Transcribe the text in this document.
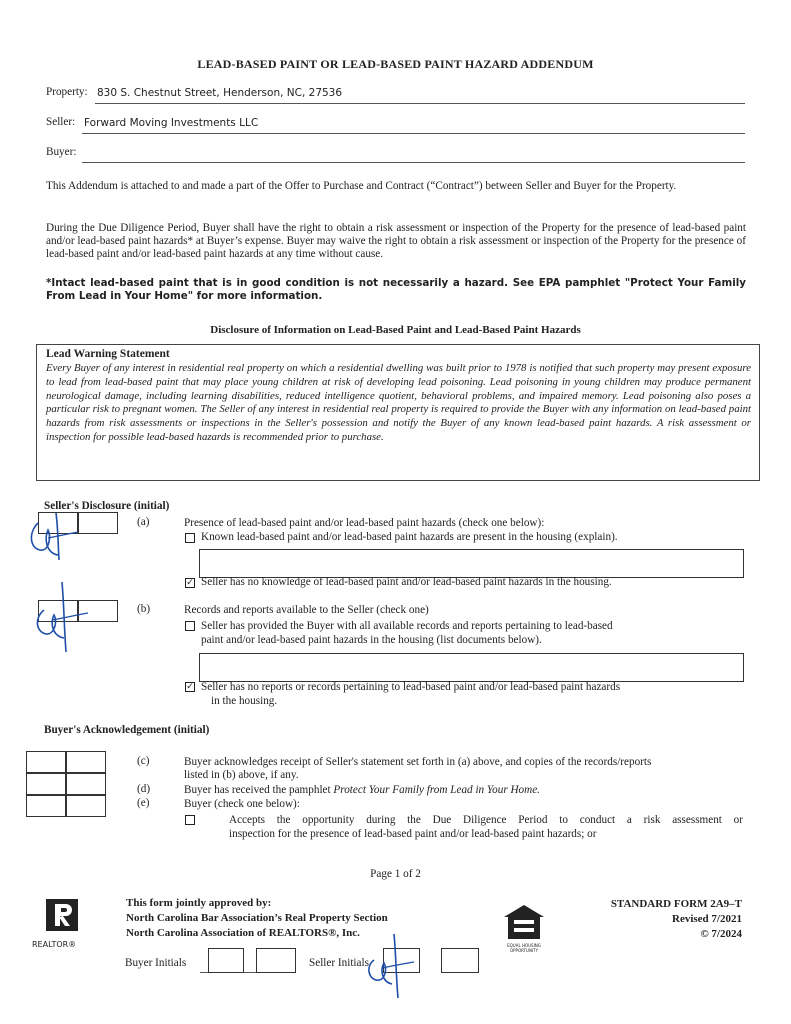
LEAD-BASED PAINT OR LEAD-BASED PAINT HAZARD ADDENDUM
Property: 830 S. Chestnut Street, Henderson, NC, 27536
Seller: Forward Moving Investments LLC
Buyer:
This Addendum is attached to and made a part of the Offer to Purchase and Contract (“Contract”) between Seller and Buyer for the Property.
During the Due Diligence Period, Buyer shall have the right to obtain a risk assessment or inspection of the Property for the presence of lead-based paint and/or lead-based paint hazards* at Buyer’s expense. Buyer may waive the right to obtain a risk assessment or inspection of the Property for the presence of lead-based paint and/or lead-based paint hazards at any time without cause.
*Intact lead-based paint that is in good condition is not necessarily a hazard. See EPA pamphlet "Protect Your Family From Lead in Your Home" for more information.
Disclosure of Information on Lead-Based Paint and Lead-Based Paint Hazards
Lead Warning Statement
Every Buyer of any interest in residential real property on which a residential dwelling was built prior to 1978 is notified that such property may present exposure to lead from lead-based paint that may place young children at risk of developing lead poisoning. Lead poisoning in young children may produce permanent neurological damage, including learning disabilities, reduced intelligence quotient, behavioral problems, and impaired memory. Lead poisoning also poses a particular risk to pregnant women. The Seller of any interest in residential real property is required to provide the Buyer with any information on lead-based paint hazards from risk assessments or inspections in the Seller's possession and notify the Buyer of any known lead-based paint hazards. A risk assessment or inspection for possible lead-based hazards is recommended prior to purchase.
Seller's Disclosure (initial)
(a)	Presence of lead-based paint and/or lead-based paint hazards (check one below):
Known lead-based paint and/or lead-based paint hazards are present in the housing (explain).
✓ Seller has no knowledge of lead-based paint and/or lead-based paint hazards in the housing.
(b)	Records and reports available to the Seller (check one)
Seller has provided the Buyer with all available records and reports pertaining to lead-based
paint and/or lead-based paint hazards in the housing (list documents below).
✓ Seller has no reports or records pertaining to lead-based paint and/or lead-based paint hazards
in the housing.
Buyer's Acknowledgement (initial)
(c)	Buyer acknowledges receipt of Seller's statement set forth in (a) above, and copies of the records/reports
listed in (b) above, if any.
(d)	Buyer has received the pamphlet Protect Your Family from Lead in Your Home.
(e)	Buyer (check one below):
Accepts the opportunity during the Due Diligence Period to conduct a risk assessment or
inspection for the presence of lead-based paint and/or lead-based paint hazards; or
Page 1 of 2
REALTOR®
This form jointly approved by:
North Carolina Bar Association’s Real Property Section
North Carolina Association of REALTORS®, Inc.
EQUAL HOUSING OPPORTUNITY
STANDARD FORM 2A9–T
Revised 7/2021
© 7/2024
Buyer Initials	Seller Initials
